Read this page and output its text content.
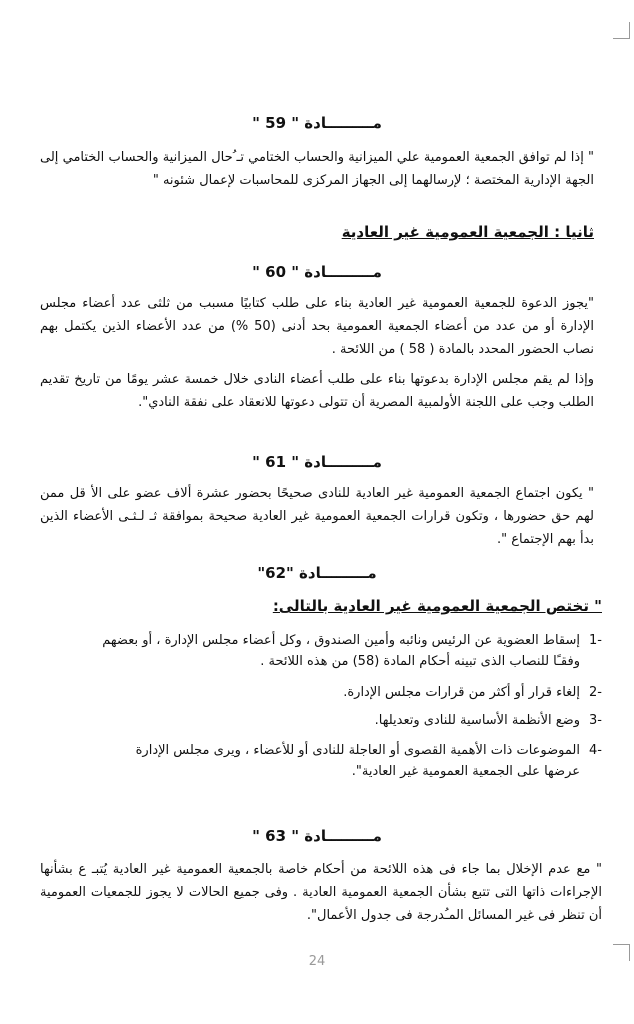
مـــــــــادة " 59 "
" إذا لم توافق الجمعية العمومية علي الميزانية والحساب الختامي تـ ُحال الميزانية والحساب الختامي إلى الجهة الإدارية المختصة ؛ لإرسالهما إلى الجهاز المركزى للمحاسبات لإعمال شئونه "
ثانيا : الجمعية العمومية غير العادية
مـــــــــادة " 60 "
"يجوز الدعوة للجمعية العمومية غير العادية بناء على طلب كتابيًا مسبب من ثلثى عدد أعضاء مجلس الإدارة أو من عدد من أعضاء الجمعية العمومية بحد أدنى (50 %) من عدد الأعضاء الذين يكتمل بهم نصاب الحضور المحدد بالمادة ( 58 ) من اللائحة .
وإذا لم يقم مجلس الإدارة بدعوتها بناء على طلب أعضاء النادى خلال خمسة عشر يومًا من تاريخ تقديم الطلب وجب على اللجنة الأولمبية المصرية أن تتولى دعوتها للانعقاد على نفقة النادي".
مـــــــــادة " 61 "
" يكون اجتماع الجمعية العمومية غير العادية للنادى صحيحًا بحضور عشرة ألاف عضو على الأ قل ممن لهم حق حضورها ، وتكون قرارات الجمعية العمومية غير العادية صحيحة بموافقة ثـ لـثـى الأعضاء الذين بدأ بهم الإجتماع ".
مـــــــــادة "62"
" تختص الجمعية العمومية غير العادية بالتالى:
-1إسقاط العضوية عن الرئيس ونائبه وأمين الصندوق ، وكل أعضاء مجلس الإدارة ، أو بعضهم
وفقـًا للنصاب الذى تبينه أحكام المادة (58) من هذه اللائحة .
-2إلغاء قرار أو أكثر من قرارات مجلس الإدارة.
-3وضع الأنظمة الأساسية للنادى وتعديلها.
-4الموضوعات ذات الأهمية القصوى أو العاجلة للنادى أو للأعضاء ، ويرى مجلس الإدارة
عرضها على الجمعية العمومية غير العادية".
مـــــــــادة " 63 "
" مع عدم الإخلال بما جاء فى هذه اللائحة من أحكام خاصة بالجمعية العمومية غير العادية يُتبـ ع بشأنها الإجراءات ذاتها التى تتبع بشأن الجمعية العمومية العادية . وفى جميع الحالات لا يجوز للجمعيات العمومية أن تنظر فى غير المسائل المـُدرجة فى جدول الأعمال".
24
